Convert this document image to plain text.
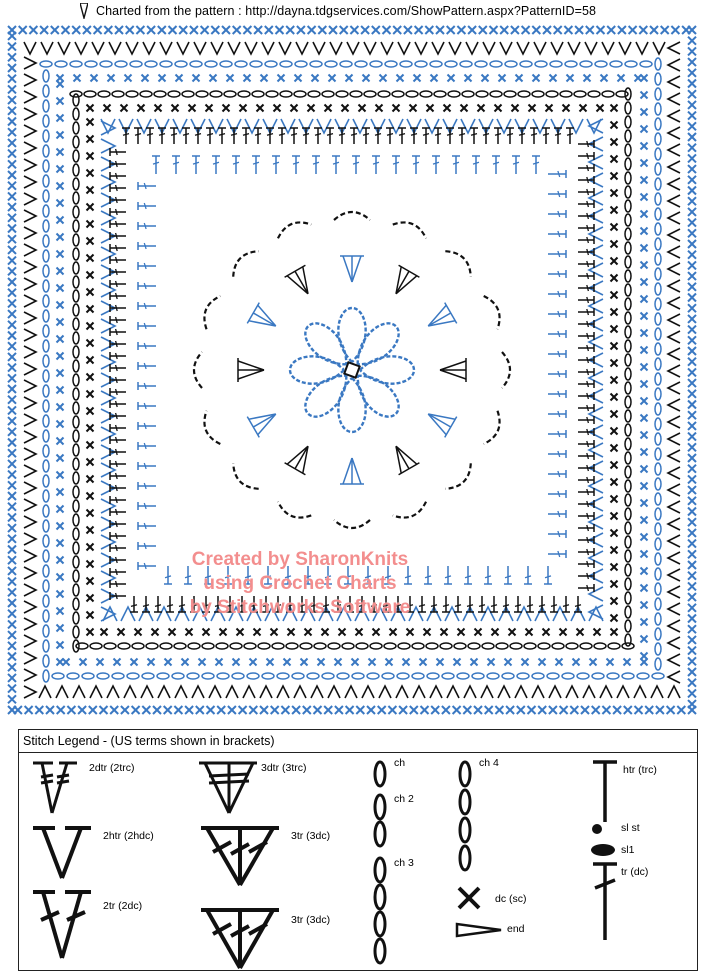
Charted from the pattern : http://dayna.tdgservices.com/ShowPattern.aspx?PatternID=58
Created by SharonKnits
using Crochet Charts
by Stitchworks Software
Stitch Legend - (US terms shown in brackets)
2dtr (2trc)	3dtr (3trc)
2htr (2hdc)	3tr (3dc)
2tr (2dc)
3tr (3dc)
ch
ch 2
ch 3
ch 4
dc (sc)
end
htr (trc)
sl st
sl1
tr (dc)
